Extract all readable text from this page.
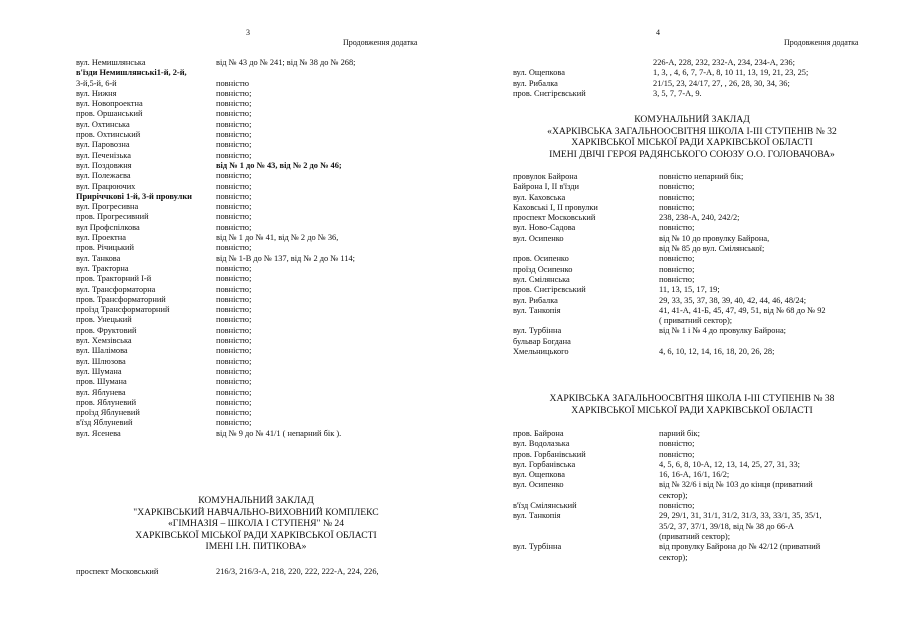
3
Продовження додатка
вул. Немишлянська	від № 43 до № 241; від № 38 до № 268;
в'їзди Немишлянські1-й, 2-й,
3-й,5-й, 6-й	повністю
вул. Нижня	повністю;
вул. Новопроектна	повністю;
пров. Оршанський	повністю;
вул. Охтинська	повністю;
пров. Охтинський	повністю;
вул. Паровозна	повністю;
вул. Печенізька	повністю;
вул. Поздовжня	від № 1 до № 43, від № 2 до № 46;
вул. Полежаєва	повністю;
вул. Працюючих	повністю;
Приріччкові 1-й, 3-й провулки	повністю;
вул. Прогресивна	повністю;
пров. Прогресивний	повністю;
вул Профспілкова	повністю;
вул. Проектна	від № 1 до № 41, від № 2 до № 36,
пров. Річицький	повністю;
вул. Танкова	від № 1-В до № 137, від № 2 до № 114;
вул. Тракторна	повністю;
пров. Тракторний І-й	повністю;
вул. Трансформаторна	повністю;
пров. Трансформаторний	повністю;
проїзд Трансформаторний	повністю;
пров. Унецький	повністю;
пров. Фруктовий	повністю;
вул. Хемзівська	повністю;
вул. Шалімова	повністю;
вул. Шлюзова	повністю;
вул. Шумана	повністю;
пров. Шумана	повністю;
вул. Яблунева	повністю;
пров. Яблуневий	повністю;
проїзд Яблуневий	повністю;
в'їзд Яблуневий	повністю;
вул. Ясенева	від № 9 до № 41/1 ( непарний бік ).
КОМУНАЛЬНИЙ ЗАКЛАД
"ХАРКІВСЬКИЙ НАВЧАЛЬНО-ВИХОВНИЙ КОМПЛЕКС
«ГІМНАЗІЯ – ШКОЛА І СТУПЕНЯ" № 24
ХАРКІВСЬКОЇ МІСЬКОЇ РАДИ ХАРКІВСЬКОЇ ОБЛАСТІ
ІМЕНІ І.Н. ПИТІКОВА»
проспект Московський	216/3, 216/3-А, 218, 220, 222, 222-А, 224, 226,
4
Продовження додатка
226-А, 228, 232, 232-А, 234, 234-А, 236;
вул. Ощепкова	1, 3, , 4, 6, 7, 7-А, 8, 10 11, 13, 19, 21, 23, 25;
вул. Рибалка	21/15, 23, 24/17, 27, , 26, 28, 30, 34, 36;
пров. Снєгірєвський	3, 5, 7, 7-А, 9.
КОМУНАЛЬНИЙ ЗАКЛАД
«ХАРКІВСЬКА ЗАГАЛЬНООСВІТНЯ ШКОЛА І-ІІІ СТУПЕНІВ № 32
ХАРКІВСЬКОЇ МІСЬКОЇ РАДИ ХАРКІВСЬКОЇ ОБЛАСТІ
ІМЕНІ ДВІЧІ ГЕРОЯ РАДЯНСЬКОГО СОЮЗУ О.О. ГОЛОВАЧОВА»
провулок Байрона	повністю непарний бік;
Байрона І, ІІ в'їзди	повністю;
вул. Каховська	повністю;
Каховські І, ІІ провулки	повністю;
проспект Московський	238, 238-А, 240, 242/2;
вул. Ново-Садова	повністю;
вул. Осипенко	від № 10 до провулку Байрона,
від № 85 до вул. Смілянської;
пров. Осипенко	повністю;
проїзд Осипенко	повністю;
вул. Смілянська	повністю;
пров. Снєгірєвський	11, 13, 15, 17, 19;
вул. Рибалка	29, 33, 35, 37, 38, 39, 40, 42, 44, 46, 48/24;
вул. Танкопія	41, 41-А, 41-Б, 45, 47, 49, 51, від № 68 до № 92
( приватний сектор);
вул. Турбінна	від № 1 і № 4 до провулку Байрона;
бульвар Богдана
Хмельницького	4, 6, 10, 12, 14, 16, 18, 20, 26, 28;
ХАРКІВСЬКА ЗАГАЛЬНООСВІТНЯ ШКОЛА І-ІІІ СТУПЕНІВ № 38
ХАРКІВСЬКОЇ МІСЬКОЇ РАДИ ХАРКІВСЬКОЇ ОБЛАСТІ
пров. Байрона	парний бік;
вул. Водолазька	повністю;
пров. Горбанівський	повністю;
вул. Горбанівська	4, 5, 6, 8, 10-А, 12, 13, 14, 25, 27, 31, 33;
вул. Ощепкова	16, 16-А, 16/1, 16/2;
вул. Осипенко	від № 32/6 і від № 103 до кінця (приватний
сектор);
в'їзд Смілянський	повністю;
вул. Танкопія	29, 29/1, 31, 31/1, 31/2, 31/3, 33, 33/1, 35, 35/1,
35/2, 37, 37/1, 39/18, від № 38 до 66-А
(приватний сектор);
вул. Турбінна	від провулку Байрона до № 42/12 (приватний
сектор);
